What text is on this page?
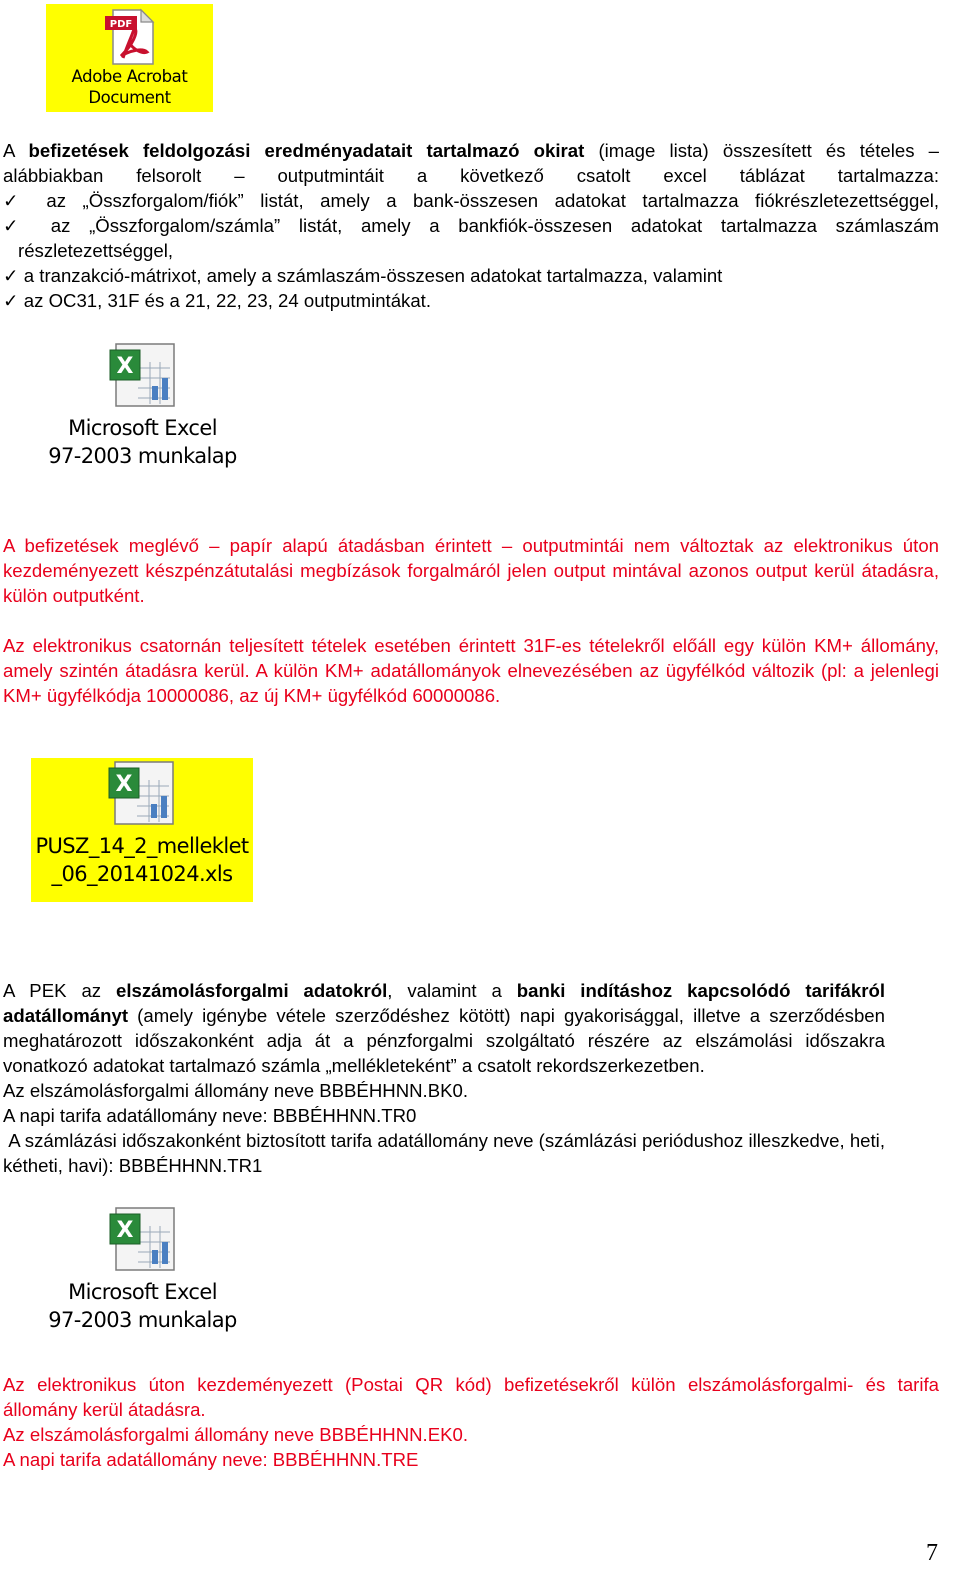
PDF
Adobe Acrobat
Document

A befizetések feldolgozási eredményadatait tartalmazó okirat (image lista) összesített és tételes – alábbiakban felsorolt – outputmintáit a következő csatolt excel táblázat tartalmazza:

✓ az „Összforgalom/fiók” listát, amely a bank-összesen adatokat tartalmazza fiókrészletezettséggel,

✓ az „Összforgalom/számla” listát, amely a bankfiók-összesen adatokat tartalmazza számlaszám részletezettséggel,

✓ a tranzakció-mátrixot, amely a számlaszám-összesen adatokat tartalmazza, valamint

✓ az OC31, 31F és a 21, 22, 23, 24 outputmintákat.

X
Microsoft Excel
97-2003 munkalap

A befizetések meglévő – papír alapú átadásban érintett – outputmintái nem változtak az elektronikus úton kezdeményezett készpénzátutalási megbízások forgalmáról jelen output mintával azonos output kerül átadásra, külön outputként.

Az elektronikus csatornán teljesített tételek esetében érintett 31F-es tételekről előáll egy külön KM+ állomány, amely szintén átadásra kerül. A külön KM+ adatállományok elnevezésében az ügyfélkód változik (pl: a jelenlegi KM+ ügyfélkódja 10000086, az új KM+ ügyfélkód 60000086.

X
PUSZ_14_2_melleklet
_06_20141024.xls

A PEK az elszámolásforgalmi adatokról, valamint a banki indításhoz kapcsolódó tarifákról adatállományt (amely igénybe vétele szerződéshez kötött) napi gyakorisággal, illetve a szerződésben meghatározott időszakonként adja át a pénzforgalmi szolgáltató részére az elszámolási időszakra vonatkozó adatokat tartalmazó számla „mellékleteként” a csatolt rekordszerkezetben.

Az elszámolásforgalmi állomány neve BBBÉHHNN.BK0.

A napi tarifa adatállomány neve: BBBÉHHNN.TR0

A számlázási időszakonként biztosított tarifa adatállomány neve (számlázási periódushoz illeszkedve, heti, kétheti, havi): BBBÉHHNN.TR1

X
Microsoft Excel
97-2003 munkalap

Az elektronikus úton kezdeményezett (Postai QR kód) befizetésekről külön elszámolásforgalmi- és tarifa állomány kerül átadásra.

Az elszámolásforgalmi állomány neve BBBÉHHNN.EK0.

A napi tarifa adatállomány neve: BBBÉHHNN.TRE

7
